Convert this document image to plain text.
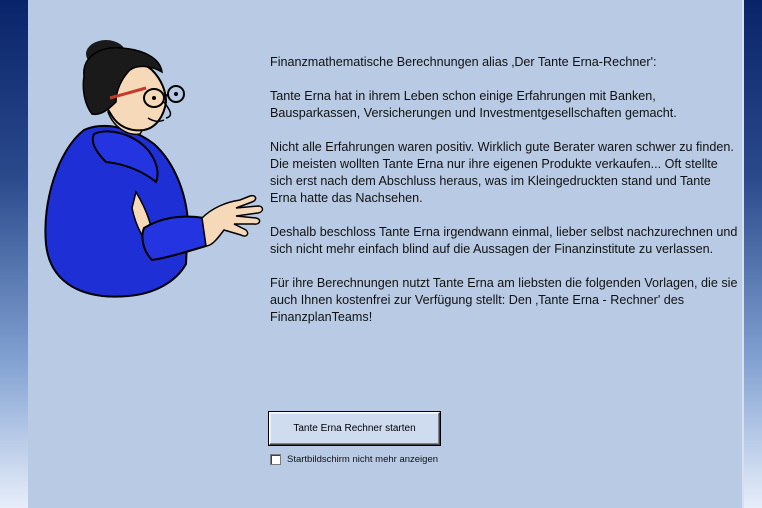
Finanzmathematische Berechnungen alias ‚Der Tante Erna-Rechner':

Tante Erna hat in ihrem Leben schon einige Erfahrungen mit Banken, Bausparkassen, Versicherungen und Investmentgesellschaften gemacht.

Nicht alle Erfahrungen waren positiv. Wirklich gute Berater waren schwer zu finden. Die meisten wollten Tante Erna nur ihre eigenen Produkte verkaufen... Oft stellte sich erst nach dem Abschluss heraus, was im Kleingedruckten stand und Tante Erna hatte das Nachsehen.

Deshalb beschloss Tante Erna irgendwann einmal, lieber selbst nachzurechnen und sich nicht mehr einfach blind auf die Aussagen der Finanzinstitute zu verlassen.

Für ihre Berechnungen nutzt Tante Erna am liebsten die folgenden Vorlagen, die sie auch Ihnen kostenfrei zur Verfügung stellt: Den ‚Tante Erna - Rechner' des FinanzplanTeams!

Tante Erna Rechner starten
Startbildschirm nicht mehr anzeigen
